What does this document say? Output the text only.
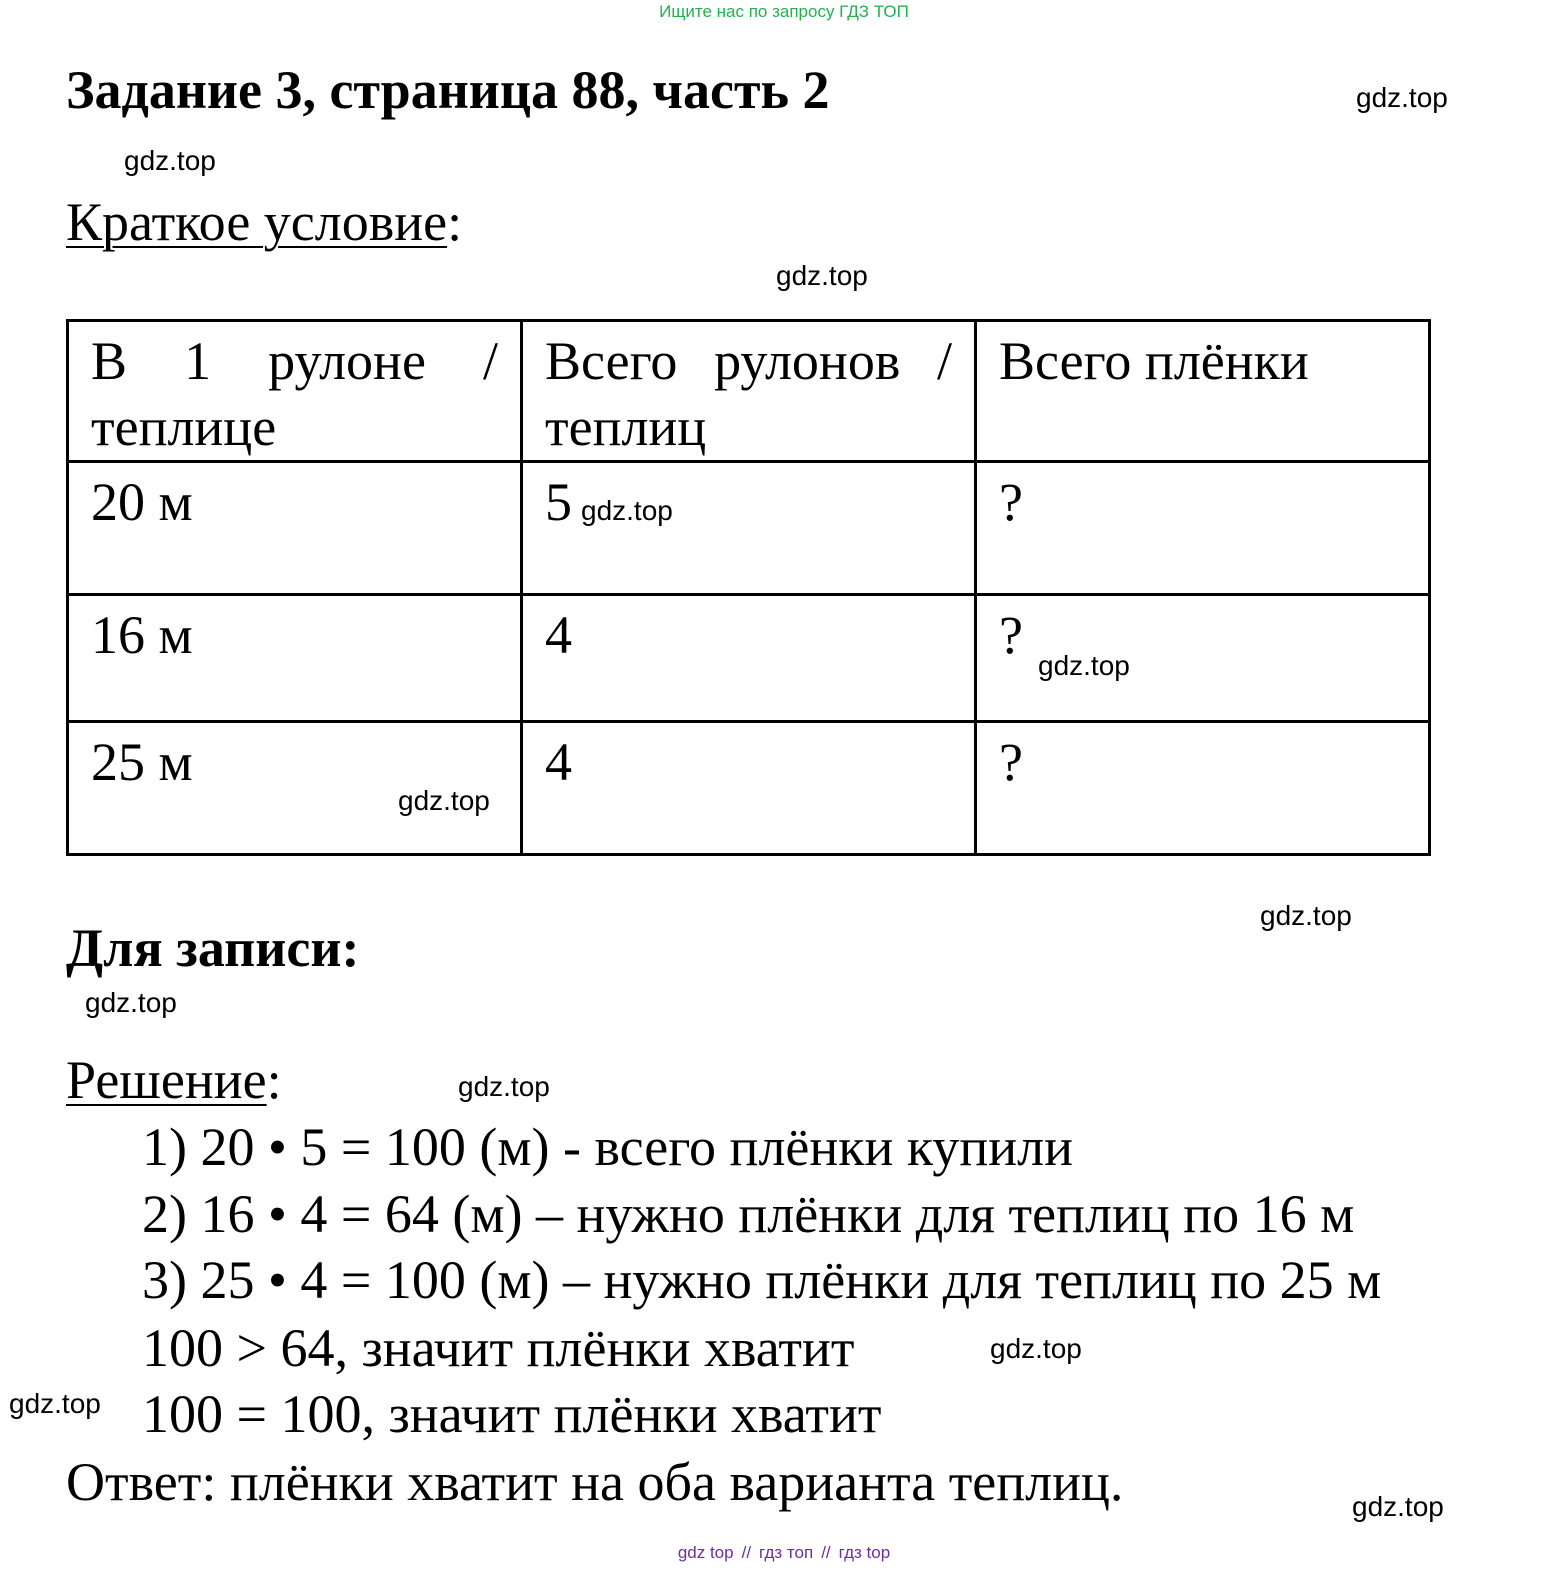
Ищите нас по запросу ГДЗ ТОП
Задание 3, страница 88, часть 2
Краткое условие:
В 1 рулоне / теплице	Всего рулонов / теплиц	Всего плёнки
20 м	5	?
16 м	4	?
25 м	4	?
Для записи:
Решение:
1) 20 • 5 = 100 (м) - всего плёнки купили
2) 16 • 4 = 64 (м) – нужно плёнки для теплиц по 16 м
3) 25 • 4 = 100 (м) – нужно плёнки для теплиц по 25 м
100 > 64, значит плёнки хватит
100 = 100, значит плёнки хватит
Ответ: плёнки хватит на оба варианта теплиц.
gdz.top
gdz.top
gdz.top
gdz.top
gdz.top
gdz.top
gdz.top
gdz.top
gdz.top
gdz.top
gdz.top
gdz.top
gdz top // гдз топ // гдз top
